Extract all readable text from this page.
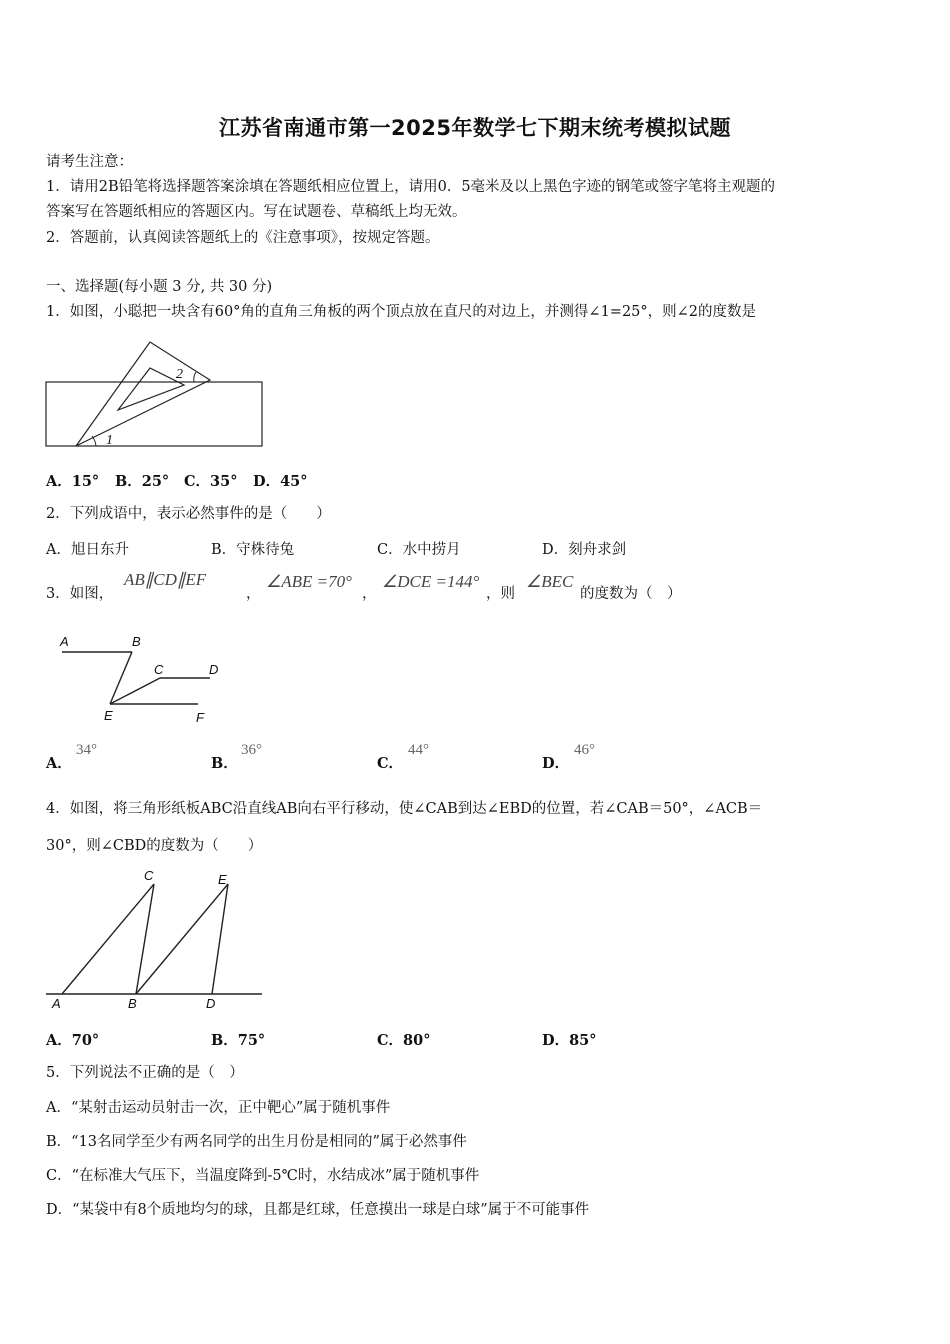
江苏省南通市第一2025年数学七下期末统考模拟试题
请考生注意：
1．请用2B铅笔将选择题答案涂填在答题纸相应位置上，请用0．5毫米及以上黑色字迹的钢笔或签字笔将主观题的
答案写在答题纸相应的答题区内。写在试题卷、草稿纸上均无效。
2．答题前，认真阅读答题纸上的《注意事项》，按规定答题。
一、选择题(每小题 3 分, 共 30 分)
1．如图，小聪把一块含有60°角的直角三角板的两个顶点放在直尺的对边上，并测得∠1=25°，则∠2的度数是
1
2
A．15° B．25° C．35° D．45°
2．下列成语中，表示必然事件的是（　　）
A．旭日东升	B．守株待兔	C．水中捞月	D．刻舟求剑
3．如图，
AB∥CD∥EF
，
∠ABE =70°
，
∠DCE =144°
，则
∠BEC
的度数为（　）
A	B
C	D
E	F
A．
34°
B．
36°
C．
44°
D．
46°
4．如图，将三角形纸板ABC沿直线AB向右平行移动，使∠CAB到达∠EBD的位置，若∠CAB＝50°，∠ACB＝
30°，则∠CBD的度数为（　　）
A	B
C
D
E
A．70°	B．75°	C．80°	D．85°
5．下列说法不正确的是（　）
A．“某射击运动员射击一次，正中靶心”属于随机事件
B．“13名同学至少有两名同学的出生月份是相同的”属于必然事件
C．“在标准大气压下，当温度降到-5℃时，水结成冰”属于随机事件
D．“某袋中有8个质地均匀的球，且都是红球，任意摸出一球是白球”属于不可能事件
